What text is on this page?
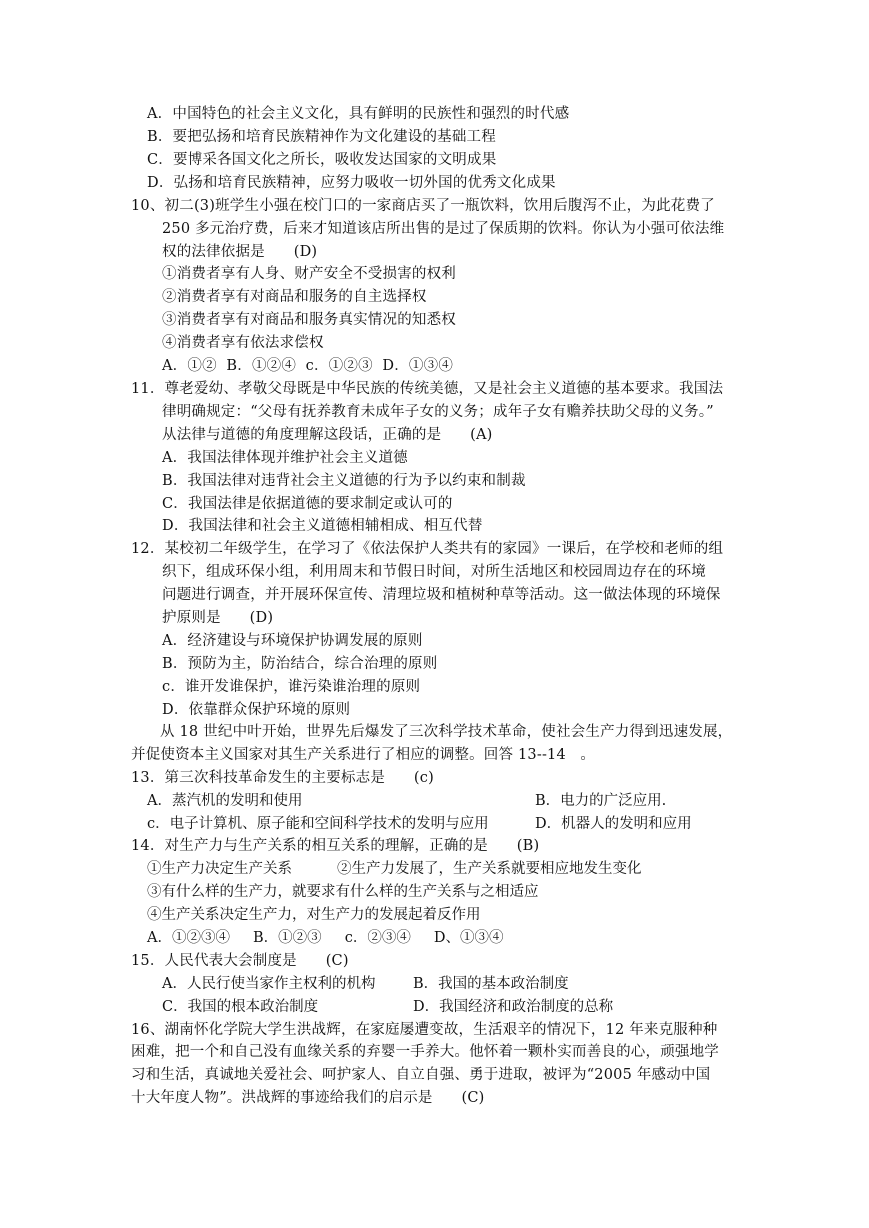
A．中国特色的社会主义文化，具有鲜明的民族性和强烈的时代感
B．要把弘扬和培育民族精神作为文化建设的基础工程
C．要博采各国文化之所长，吸收发达国家的文明成果
D．弘扬和培育民族精神，应努力吸收一切外国的优秀文化成果
10、初二(3)班学生小强在校门口的一家商店买了一瓶饮料，饮用后腹泻不止，为此花费了
250 多元治疗费，后来才知道该店所出售的是过了保质期的饮料。你认为小强可依法维
权的法律依据是      (D)
①消费者享有人身、财产安全不受损害的权利
②消费者享有对商品和服务的自主选择权
③消费者享有对商品和服务真实情况的知悉权
④消费者享有依法求偿权
A．①②  B．①②④  c．①②③  D．①③④
11．尊老爱幼、孝敬父母既是中华民族的传统美德，又是社会主义道德的基本要求。我国法
律明确规定：“父母有抚养教育未成年子女的义务；成年子女有赡养扶助父母的义务。”
从法律与道德的角度理解这段话，正确的是      (A)
A．我国法律体现并维护社会主义道德
B．我国法律对违背社会主义道德的行为予以约束和制裁
C．我国法律是依据道德的要求制定或认可的
D．我国法律和社会主义道德相辅相成、相互代替
12．某校初二年级学生，在学习了《依法保护人类共有的家园》一课后，在学校和老师的组
织下，组成环保小组，利用周末和节假日时间，对所生活地区和校园周边存在的环境
问题进行调查，并开展环保宣传、清理垃圾和植树种草等活动。这一做法体现的环境保
护原则是      (D)
A．经济建设与环境保护协调发展的原则
B．预防为主，防治结合，综合治理的原则
c．谁开发谁保护，谁污染谁治理的原则
D．依靠群众保护环境的原则
从 18 世纪中叶开始，世界先后爆发了三次科学技术革命，使社会生产力得到迅速发展，
并促使资本主义国家对其生产关系进行了相应的调整。回答 13--14   。
13．第三次科技革命发生的主要标志是      (c)
A．蒸汽机的发明和使用	B．电力的广泛应用.
c．电子计算机、原子能和空间科学技术的发明与应用	D．机器人的发明和应用
14．对生产力与生产关系的相互关系的理解，正确的是      (B)
①生产力决定生产关系	②生产力发展了，生产关系就要相应地发生变化
③有什么样的生产力，就要求有什么样的生产关系与之相适应
④生产关系决定生产力，对生产力的发展起着反作用
A．①②③④     B．①②③     c．②③④     D、①③④
15．人民代表大会制度是      (C)
A．人民行使当家作主权利的机构	B．我国的基本政治制度
C．我国的根本政治制度	D．我国经济和政治制度的总称
16、湖南怀化学院大学生洪战辉，在家庭屡遭变故，生活艰辛的情况下，12 年来克服种种
困难，把一个和自己没有血缘关系的弃婴一手养大。他怀着一颗朴实而善良的心，顽强地学
习和生活，真诚地关爱社会、呵护家人、自立自强、勇于进取，被评为“2005 年感动中国
十大年度人物”。洪战辉的事迹给我们的启示是      (C)
